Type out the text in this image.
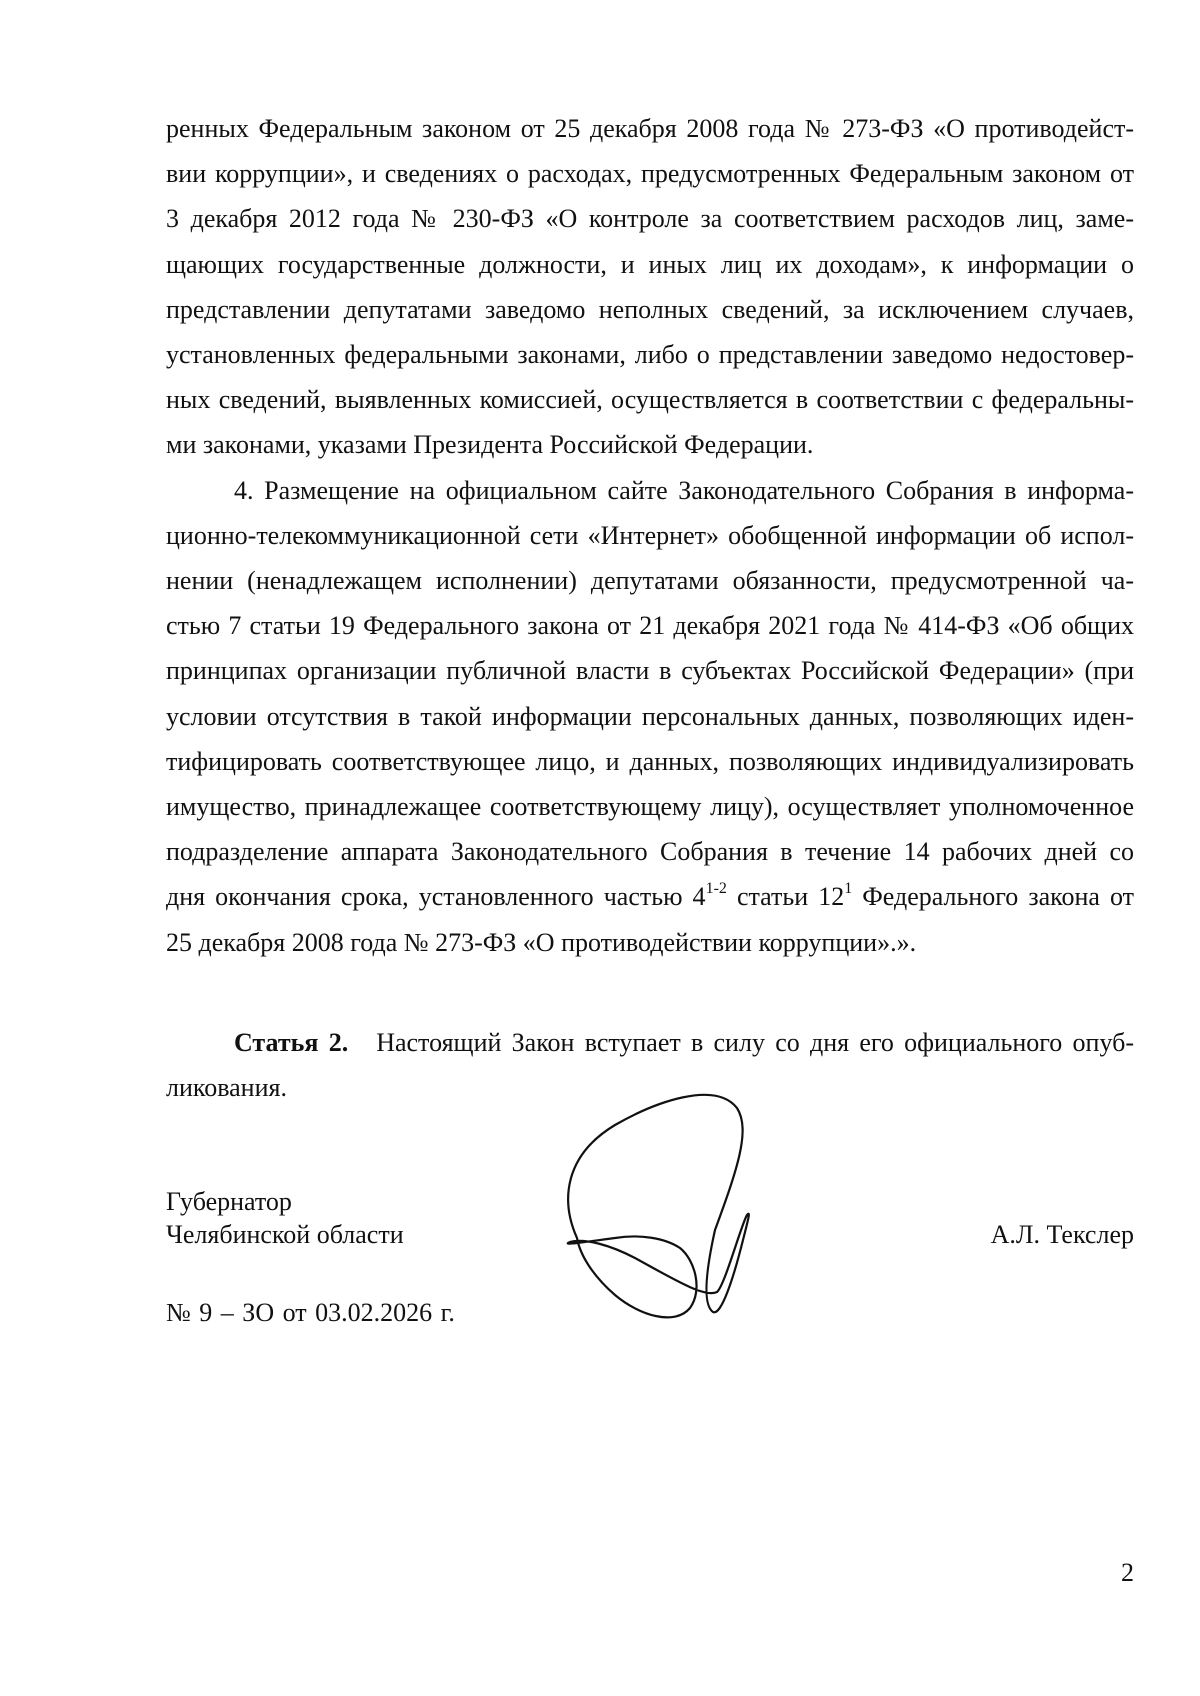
ренных Федеральным законом от 25 декабря 2008 года № 273-ФЗ «О противодейст-
вии коррупции», и сведениях о расходах, предусмотренных Федеральным законом от
3 декабря 2012 года № 230-ФЗ «О контроле за соответствием расходов лиц, заме-
щающих государственные должности, и иных лиц их доходам», к информации о
представлении депутатами заведомо неполных сведений, за исключением случаев,
установленных федеральными законами, либо о представлении заведомо недостовер-
ных сведений, выявленных комиссией, осуществляется в соответствии с федеральны-
ми законами, указами Президента Российской Федерации.
4. Размещение на официальном сайте Законодательного Собрания в информа-
ционно-телекоммуникационной сети «Интернет» обобщенной информации об испол-
нении (ненадлежащем исполнении) депутатами обязанности, предусмотренной ча-
стью 7 статьи 19 Федерального закона от 21 декабря 2021 года № 414-ФЗ «Об общих
принципах организации публичной власти в субъектах Российской Федерации» (при
условии отсутствия в такой информации персональных данных, позволяющих иден-
тифицировать соответствующее лицо, и данных, позволяющих индивидуализировать
имущество, принадлежащее соответствующему лицу), осуществляет уполномоченное
подразделение аппарата Законодательного Собрания в течение 14 рабочих дней со
дня окончания срока, установленного частью 4$^{1-2}$ статьи $12^1$ Федерального закона от
25 декабря 2008 года № 273-ФЗ «О противодействии коррупции».».
Статья 2. Настоящий Закон вступает в силу со дня его официального опуб-
ликования.
Губернатор
Челябинской области	А.Л. Текслер
№ 9 – ЗО от 03.02.2026 г.
2
